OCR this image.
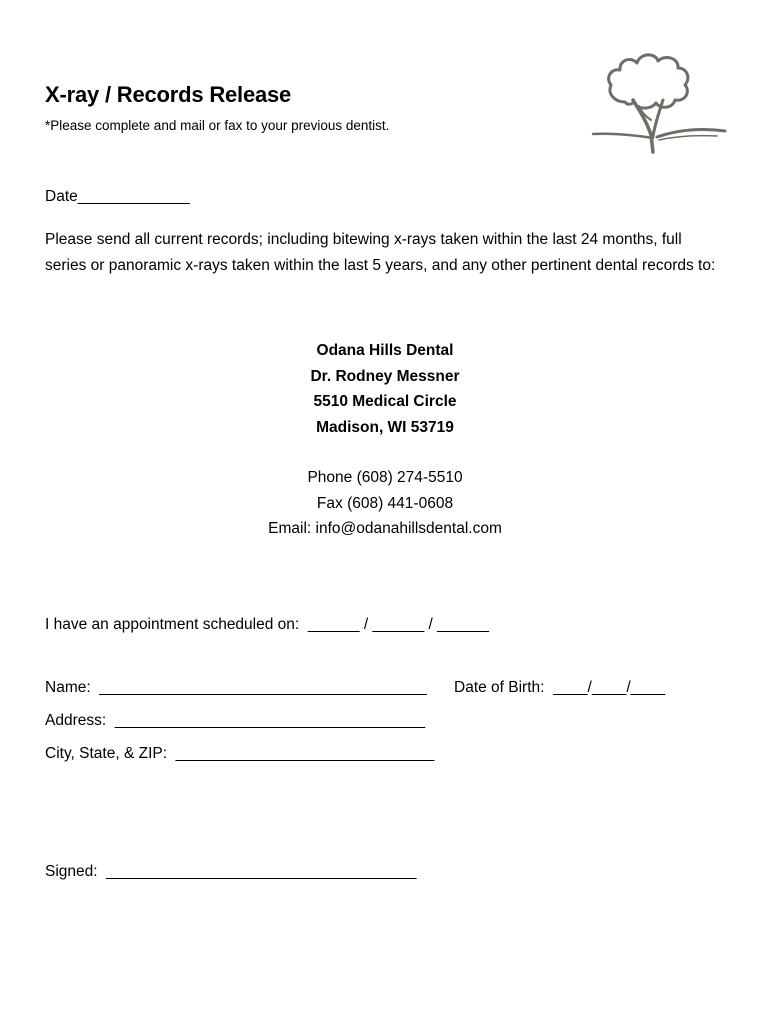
X-ray / Records Release

*Please complete and mail or fax to your previous dentist.

Date_____________

Please send all current records; including bitewing x-rays taken within the last 24 months, full series or panoramic x-rays taken within the last 5 years, and any other pertinent dental records to:

Odana Hills Dental
Dr. Rodney Messner
5510 Medical Circle
Madison, WI 53719
Phone (608) 274-5510
Fax (608) 441-0608
Email: info@odanahillsdental.com

I have an appointment scheduled on:  ______ / ______ / ______

Name:  ______________________________________ Date of Birth:  ____/____/____

Address:  ____________________________________

City, State, & ZIP:  ______________________________

Signed:  ____________________________________
